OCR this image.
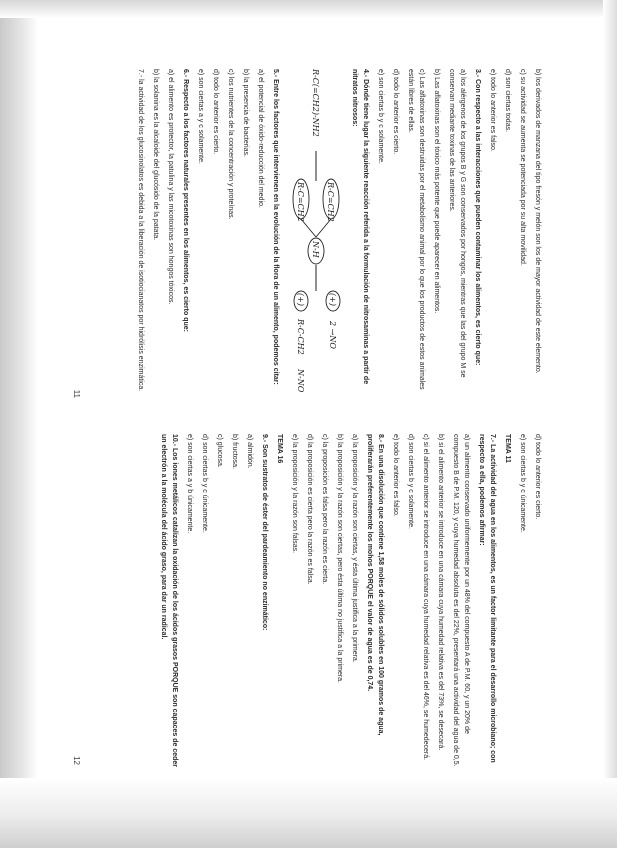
b) los derivados de manzana del tipo fresón y melón son los de mayor actividad de este elemento.

c) su actividad se aumenta se potenciada por su alta movilidad.

d) son ciertas todas.

e) todo lo anterior es falso.

3.- Con respecto a las interacciones que pueden contaminar los alimentos, es cierto que:

a) los alérgenos de los grupos B y G son conservados por hongos, mientras que las del grupo M se conservan mediante toxinas de las anteriores.

b) Las aflatoxinas son el tóxico más potente que puede aparecer en alimentos.

c) Las aflatoxinas son destruidas por el metabolismo animal por lo que los productos de estos animales están libres de ellas.

d) todo lo anterior es cierto.

e) son ciertas b y c solamente.

4.- Dónde tiene lugar la siguiente reacción referida a la formulación de nitrosaminas a partir de nitratos nitrosos:

R-C(=CH2)-NH2
R-C=CH2
R-C=CH2
N-H
(+)
2 →NO
(+)
R-C-CH2
N-NO

5.- Entre los factores que intervienen en la evolución de la flora de un alimento, podemos citar:

a) el potencial de óxido-reducción del medio.

b) la presencia de bacterias.

c) los nutrientes de la concentración y proteínas.

d) todo lo anterior es cierto.

e) son ciertas a y c solamente.

6.- Respecto a los factores naturales presentes en los alimentos, es cierto que:

a) el alimento es protector, la patulina y las micotoxinas son hongos tóxicos.

b) la solanina es la alcaloide del glucósido de la patata.

7.- la actividad de los glucosinolatos es debida a la liberación de isotiocianatos por hidrólisis enzimática.

11

d) todo lo anterior es cierto.

e) son ciertas b y c únicamente.

TEMA 11

7.- La actividad del agua en los alimentos, es un factor limitante para el desarrollo microbiano; con respecto a ella, podemos afirmar:

a) un alimento conservado uniformemente por un 48% del compuesto A de P.M. 60, y un 20% de compuesto B de P.M. 120, y cuya humedad absoluta es del 22%, presentará una actividad del agua de 0,5.

b) si el alimento anterior se introduce en una cámara cuya humedad relativa es del 73%, se desecará.

c) si el alimento anterior se introduce en una cámara cuya humedad relativa es del 46%, se humedecerá.

d) son ciertas b y c solamente.

e) todo lo anterior es falso.

8.- En una disolución que contiene 1,58 moles de sólidos solubles en 100 gramos de agua, proliferarán preferentemente los mohos PORQUE el valor de agua es de 0,74.

a) la proposición y la razón son ciertas, y ésta última justifica a la primera.

b) la proposición y la razón son ciertas, pero ésta última no justifica a la primera.

c) la proposición es falsa pero la razón es cierta.

d) la proposición es cierta pero la razón es falsa.

e) la proposición y la razón son falsas.

TEMA 16

9.- Son sustratos de éster del pardeamiento no enzimático:

a) almidón.

b) fructosa.

c) glucosa.

d) son ciertas b y c únicamente.

e) son ciertas a y b únicamente.

10.- Los iones metálicos catalizan la oxidación de los ácidos grasos PORQUE son capaces de ceder un electrón a la molécula del ácido graso, para dar un radical.

12
